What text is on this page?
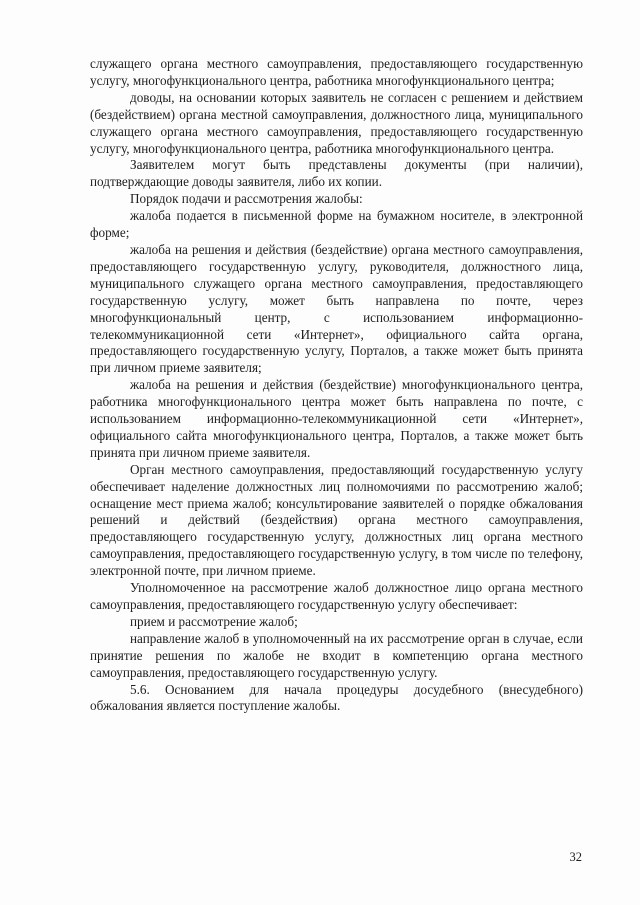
служащего органа местного самоуправления, предоставляющего государственную услугу, многофункционального центра, работника многофункционального центра;

доводы, на основании которых заявитель не согласен с решением и действием (бездействием) органа местной самоуправления, должностного лица, муниципального служащего органа местного самоуправления, предоставляющего государственную услугу, многофункционального центра, работника многофункционального центра.

Заявителем могут быть представлены документы (при наличии), подтверждающие доводы заявителя, либо их копии.

Порядок подачи и рассмотрения жалобы:

жалоба подается в письменной форме на бумажном носителе, в электронной форме;

жалоба на решения и действия (бездействие) органа местного самоуправления, предоставляющего государственную услугу, руководителя, должностного лица, муниципального служащего органа местного самоуправления, предоставляющего государственную услугу, может быть направлена по почте, через многофункциональный центр, с использованием информационно-телекоммуникационной сети «Интернет», официального сайта органа, предоставляющего государственную услугу, Порталов, а также может быть принята при личном приеме заявителя;

жалоба на решения и действия (бездействие) многофункционального центра, работника многофункционального центра может быть направлена по почте, с использованием информационно-телекоммуникационной сети «Интернет», официального сайта многофункционального центра, Порталов, а также может быть принята при личном приеме заявителя.

Орган местного самоуправления, предоставляющий государственную услугу обеспечивает наделение должностных лиц полномочиями по рассмотрению жалоб; оснащение мест приема жалоб; консультирование заявителей о порядке обжалования решений и действий (бездействия) органа местного самоуправления, предоставляющего государственную услугу, должностных лиц органа местного самоуправления, предоставляющего государственную услугу, в том числе по телефону, электронной почте, при личном приеме.

Уполномоченное на рассмотрение жалоб должностное лицо органа местного самоуправления, предоставляющего государственную услугу обеспечивает:

прием и рассмотрение жалоб;

направление жалоб в уполномоченный на их рассмотрение орган в случае, если принятие решения по жалобе не входит в компетенцию органа местного самоуправления, предоставляющего государственную услугу.

5.6. Основанием для начала процедуры досудебного (внесудебного) обжалования является поступление жалобы.

32
